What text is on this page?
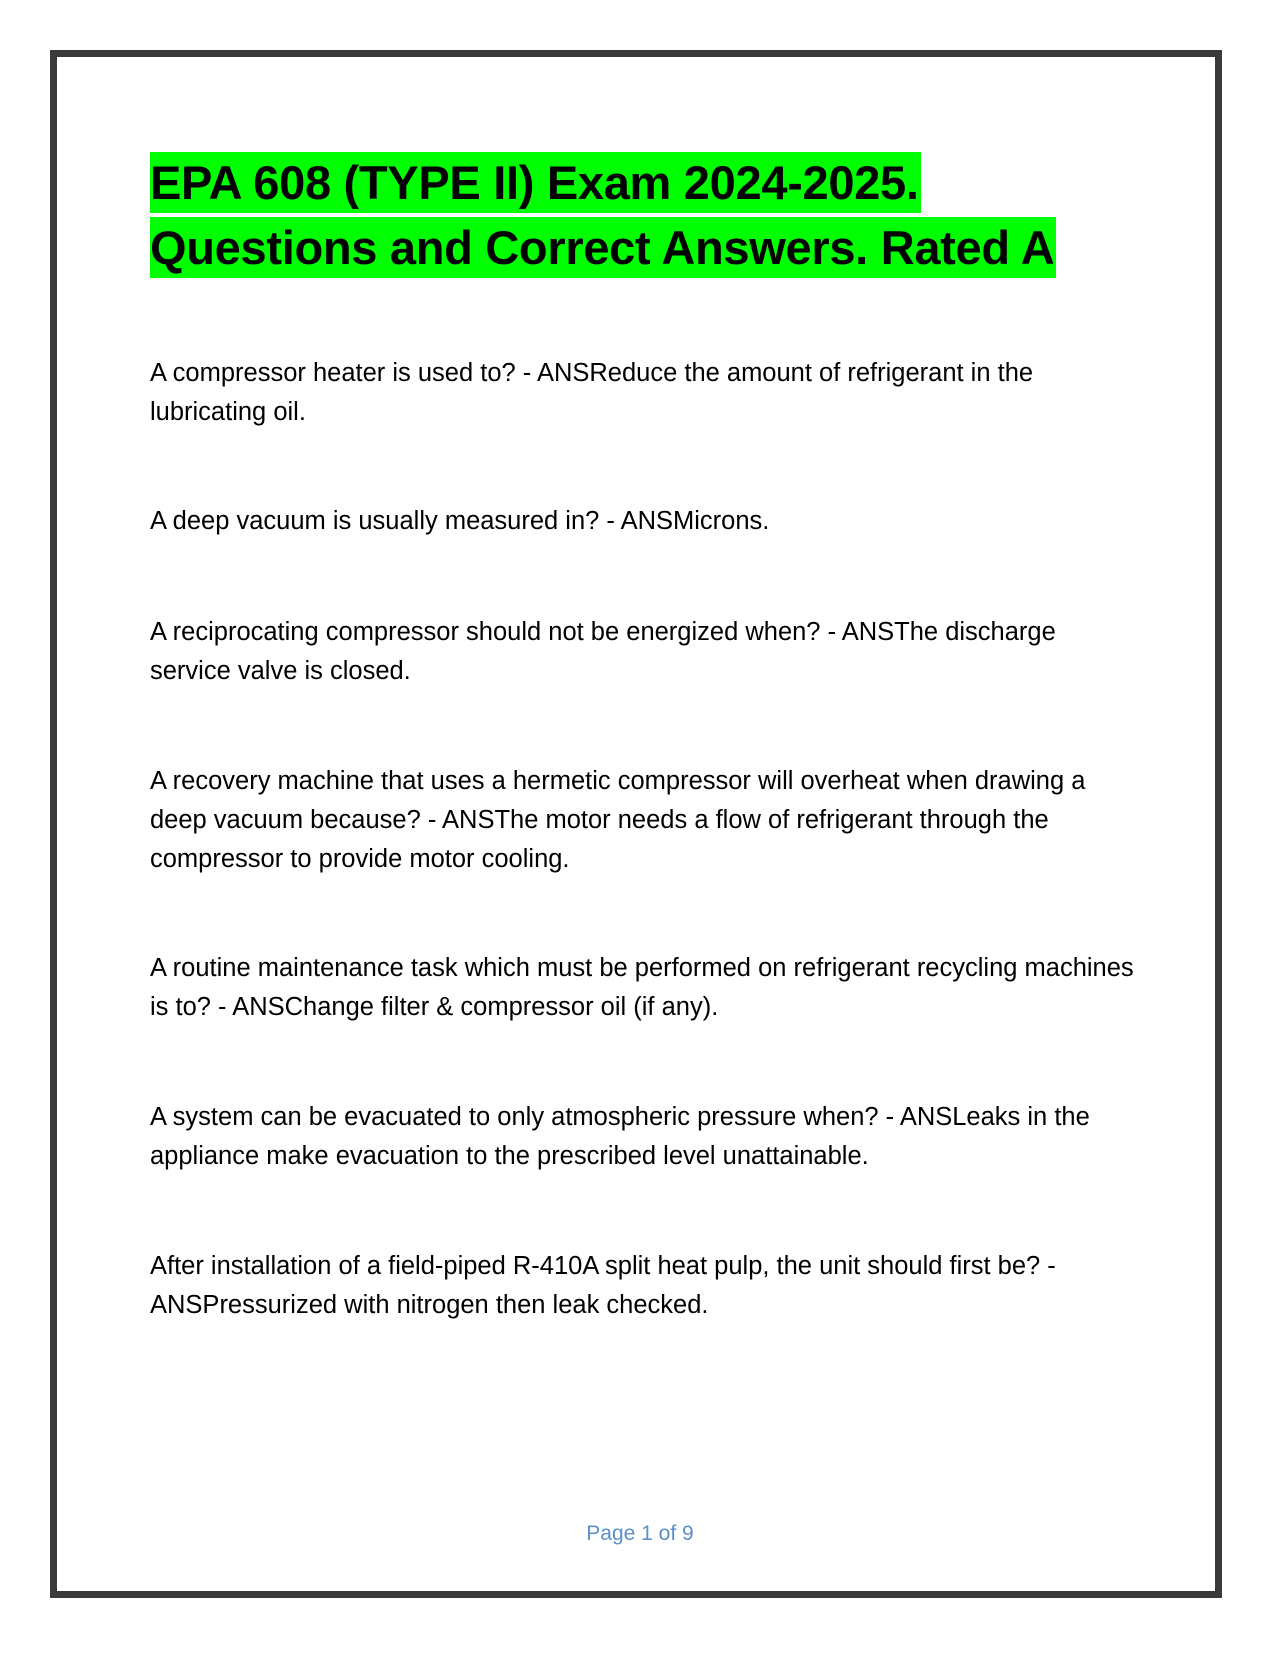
EPA 608 (TYPE II) Exam 2024-2025.
Questions and Correct Answers. Rated A

A compressor heater is used to? - ANSReduce the amount of refrigerant in the lubricating oil.

A deep vacuum is usually measured in? - ANSMicrons.

A reciprocating compressor should not be energized when? - ANSThe discharge service valve is closed.

A recovery machine that uses a hermetic compressor will overheat when drawing a deep vacuum because? - ANSThe motor needs a flow of refrigerant through the compressor to provide motor cooling.

A routine maintenance task which must be performed on refrigerant recycling machines is to? - ANSChange filter & compressor oil (if any).

A system can be evacuated to only atmospheric pressure when? - ANSLeaks in the appliance make evacuation to the prescribed level unattainable.

After installation of a field-piped R-410A split heat pulp, the unit should first be? - ANSPressurized with nitrogen then leak checked.

Page 1 of 9
